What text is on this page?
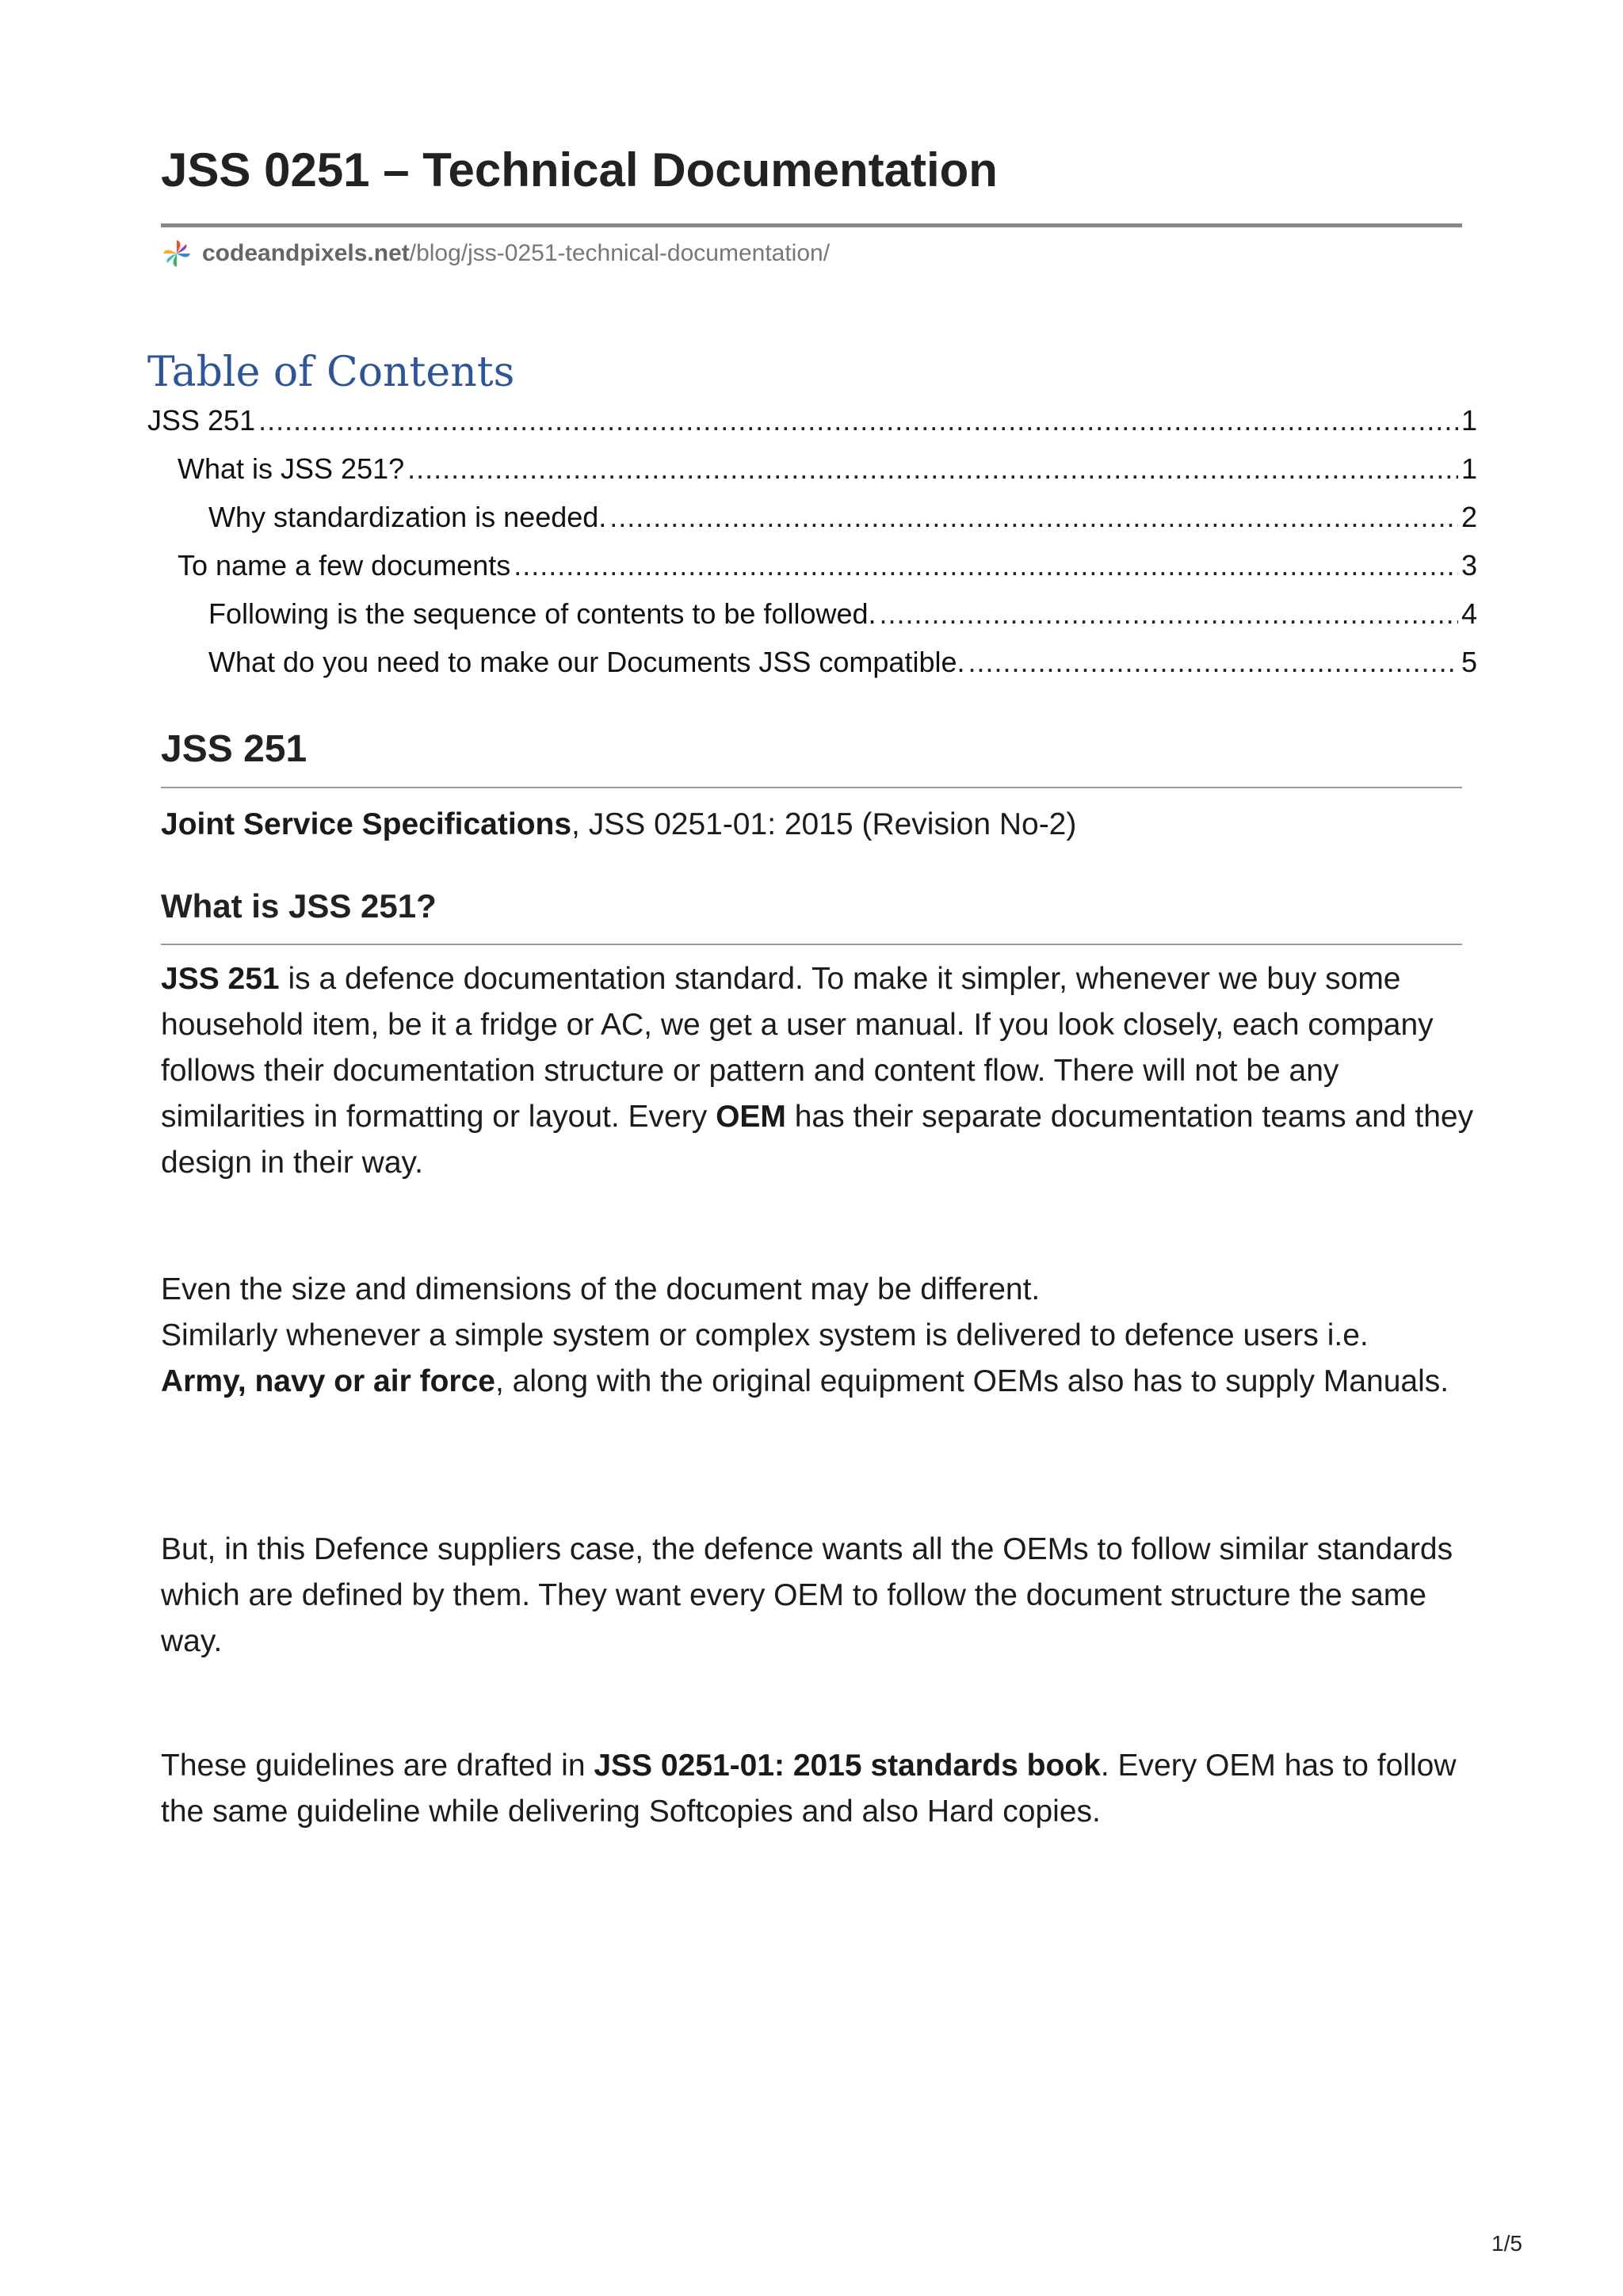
JSS 0251 – Technical Documentation
codeandpixels.net /blog/jss-0251-technical-documentation/
Table of Contents
JSS 251 .....	1
What is JSS 251? .....	1
Why standardization is needed. .....	2
To name a few documents .....	3
Following is the sequence of contents to be followed. .....	4
What do you need to make our Documents JSS compatible. .....	5
JSS 251

Joint Service Specifications, JSS 0251-01: 2015 (Revision No-2)

What is JSS 251?

JSS 251 is a defence documentation standard. To make it simpler, whenever we buy some household item, be it a fridge or AC, we get a user manual. If you look closely, each company follows their documentation structure or pattern and content flow. There will not be any similarities in formatting or layout. Every OEM has their separate documentation teams and they design in their way.

Even the size and dimensions of the document may be different.
Similarly whenever a simple system or complex system is delivered to defence users i.e.
Army, navy or air force, along with the original equipment OEMs also has to supply Manuals.

But, in this Defence suppliers case, the defence wants all the OEMs to follow similar standards which are defined by them. They want every OEM to follow the document structure the same way.

These guidelines are drafted in JSS 0251-01: 2015 standards book. Every OEM has to follow the same guideline while delivering Softcopies and also Hard copies.

1/5
